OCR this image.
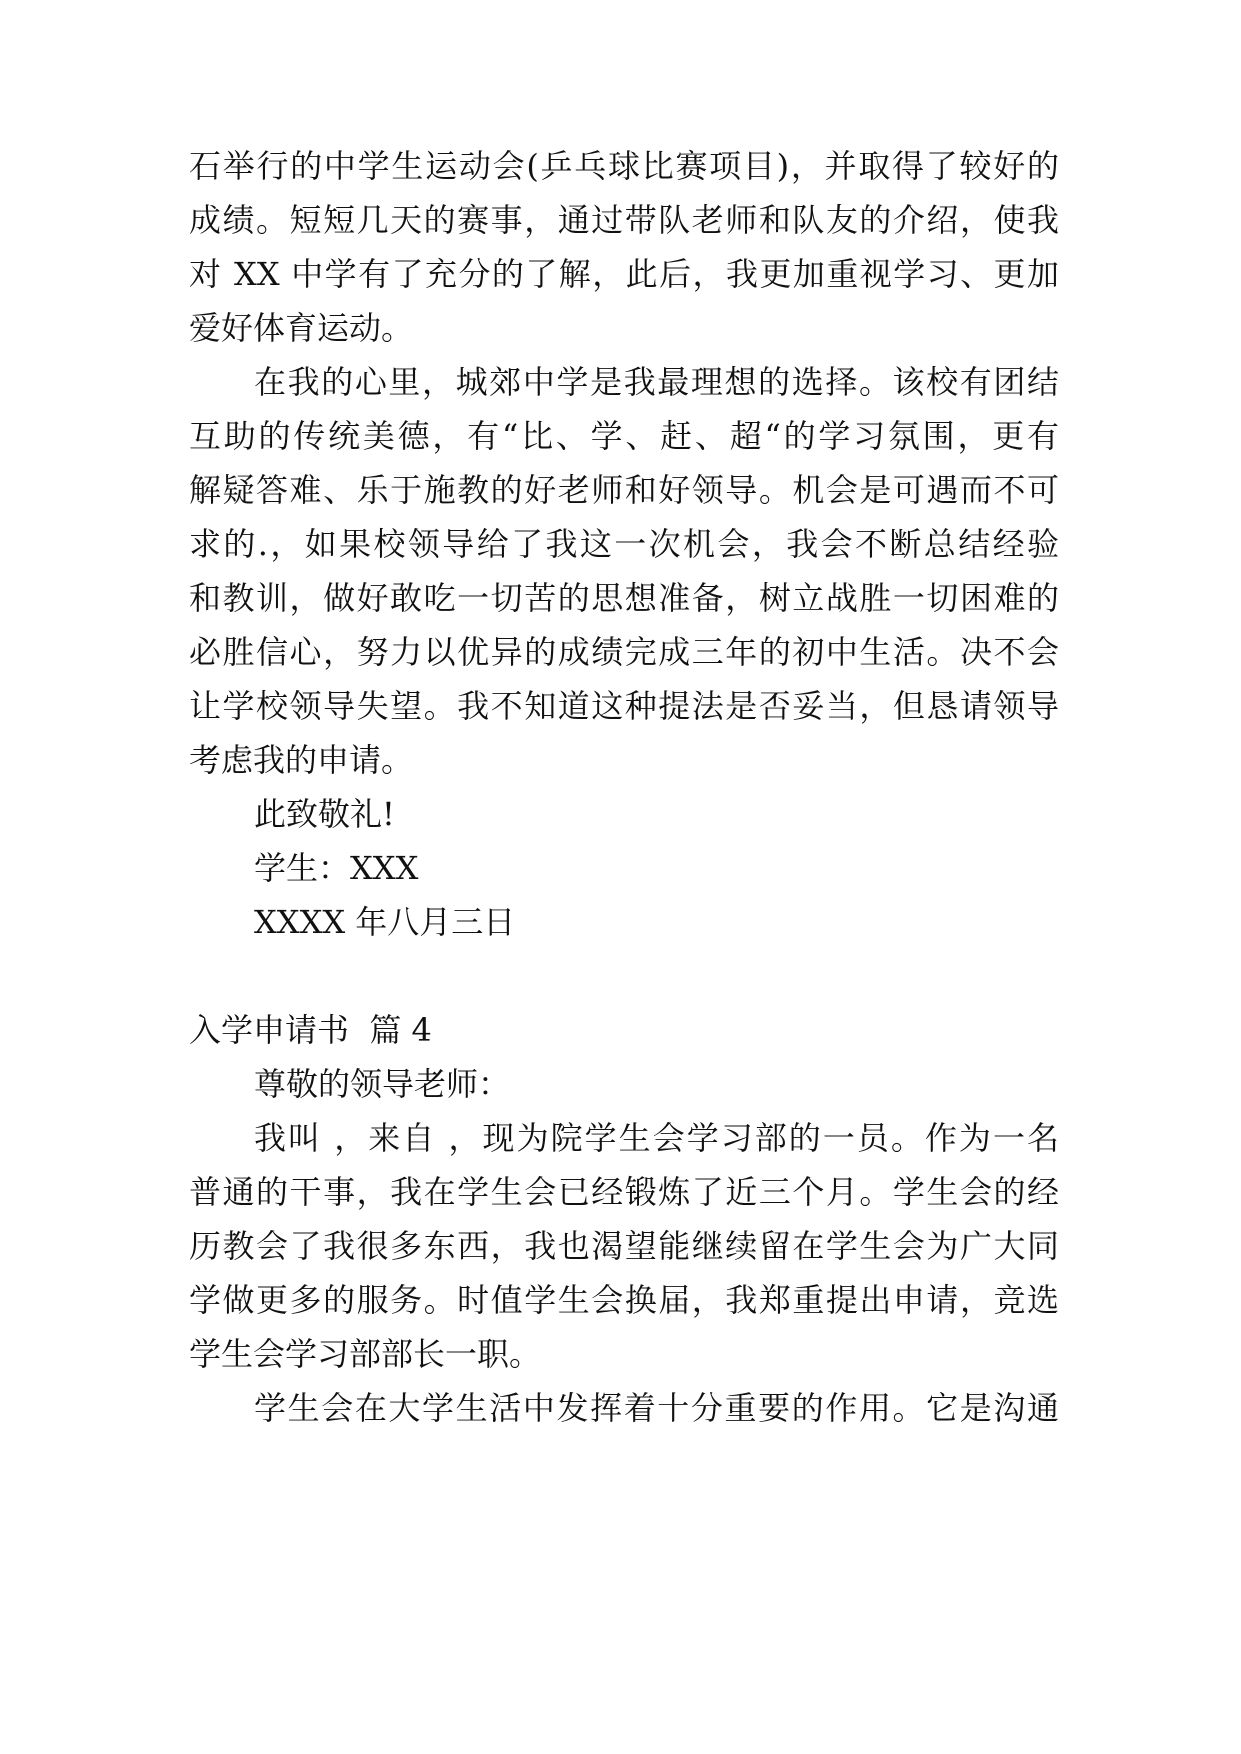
石举行的中学生运动会(乒乓球比赛项目)，并取得了较好的
成绩。短短几天的赛事，通过带队老师和队友的介绍，使我
对 XX 中学有了充分的了解，此后，我更加重视学习、更加
爱好体育运动。
在我的心里，城郊中学是我最理想的选择。该校有团结
互助的传统美德，有“比、学、赶、超“的学习氛围，更有
解疑答难、乐于施教的好老师和好领导。机会是可遇而不可
求的.，如果校领导给了我这一次机会，我会不断总结经验
和教训，做好敢吃一切苦的思想准备，树立战胜一切困难的
必胜信心，努力以优异的成绩完成三年的初中生活。决不会
让学校领导失望。我不知道这种提法是否妥当，但恳请领导
考虑我的申请。
此致敬礼!
学生：XXX
XXXX 年八月三日
入学申请书  篇 4
尊敬的领导老师：
我叫 ，来自 ，现为院学生会学习部的一员。作为一名
普通的干事，我在学生会已经锻炼了近三个月。学生会的经
历教会了我很多东西，我也渴望能继续留在学生会为广大同
学做更多的服务。时值学生会换届，我郑重提出申请，竞选
学生会学习部部长一职。
学生会在大学生活中发挥着十分重要的作用。它是沟通
